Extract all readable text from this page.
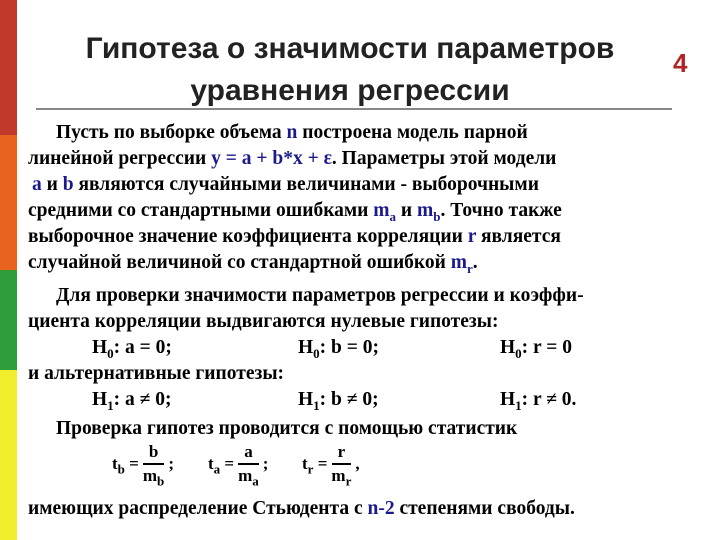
Гипотеза о значимости параметров
уравнения регрессии
4
Пусть по выборке объема n построена модель парной
линейной регрессии y = a + b*x + ε. Параметры этой модели
a и b являются случайными величинами - выборочными
средними со стандартными ошибками $m_a$ и $m_b$. Точно также
выборочное значение коэффициента корреляции r является
случайной величиной со стандартной ошибкой $m_r$.
Для проверки значимости параметров регрессии и коэффи-
циента корреляции выдвигаются нулевые гипотезы:
$H_0$: a = 0;	$H_0$: b = 0;	$H_0$: r = 0
и альтернативные гипотезы:
$H_1$: a ≠ 0;	$H_1$: b ≠ 0;	$H_1$: r ≠ 0.
Проверка гипотез проводится с помощью статистик
$t_b = \frac{b}{m_b}$ ; $t_a = \frac{a}{m_a}$ ; $t_r = \frac{r}{m_r}$ ,
имеющих распределение Стьюдента с n-2 степенями свободы.
